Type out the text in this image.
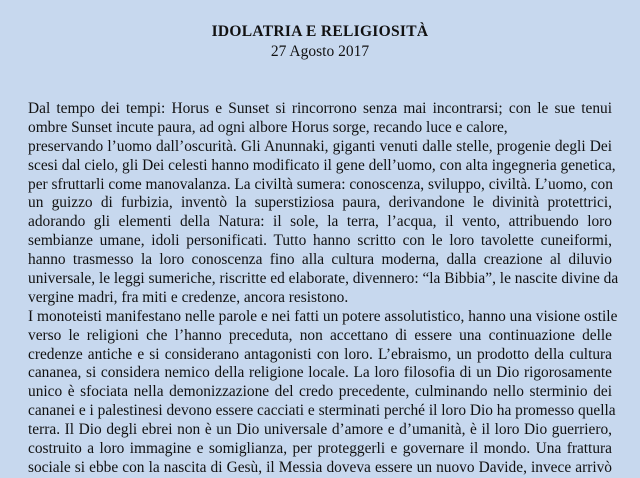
IDOLATRIA E RELIGIOSITÀ
27 Agosto 2017
Dal tempo dei tempi: Horus e Sunset si rincorrono senza mai incontrarsi; con le sue tenui
ombre Sunset incute paura, ad ogni albore Horus sorge, recando luce e calore,
preservando l’uomo dall’oscurità. Gli Anunnaki, giganti venuti dalle stelle, progenie degli Dei
scesi dal cielo, gli Dei celesti hanno modificato il gene dell’uomo, con alta ingegneria genetica,
per sfruttarli come manovalanza. La civiltà sumera: conoscenza, sviluppo, civiltà. L’uomo, con
un guizzo di furbizia, inventò la superstiziosa paura, derivandone le divinità protettrici,
adorando gli elementi della Natura: il sole, la terra, l’acqua, il vento, attribuendo loro
sembianze umane, idoli personificati. Tutto hanno scritto con le loro tavolette cuneiformi,
hanno trasmesso la loro conoscenza fino alla cultura moderna, dalla creazione al diluvio
universale, le leggi sumeriche, riscritte ed elaborate, divennero: “la Bibbia”, le nascite divine da
vergine madri, fra miti e credenze, ancora resistono.
I monoteisti manifestano nelle parole e nei fatti un potere assolutistico, hanno una visione ostile
verso le religioni che l’hanno preceduta, non accettano di essere una continuazione delle
credenze antiche e si considerano antagonisti con loro. L’ebraismo, un prodotto della cultura
cananea, si considera nemico della religione locale. La loro filosofia di un Dio rigorosamente
unico è sfociata nella demonizzazione del credo precedente, culminando nello sterminio dei
cananei e i palestinesi devono essere cacciati e sterminati perché il loro Dio ha promesso quella
terra. Il Dio degli ebrei non è un Dio universale d’amore e d’umanità, è il loro Dio guerriero,
costruito a loro immagine e somiglianza, per proteggerli e governare il mondo. Una frattura
sociale si ebbe con la nascita di Gesù, il Messia doveva essere un nuovo Davide, invece arrivò
